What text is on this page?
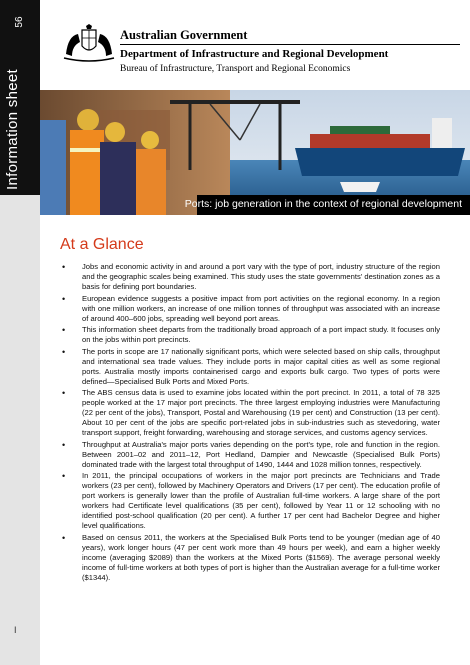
56
Information sheet
I
Australian Government
Department of Infrastructure and Regional Development
Bureau of Infrastructure, Transport and Regional Economics
Ports: job generation in the context of regional development
At a Glance
• Jobs and economic activity in and around a port vary with the type of port, industry structure of the region and the geographic scales being examined. This study uses the state governments' destination zones as a basis for defining port boundaries.
• European evidence suggests a positive impact from port activities on the regional economy. In a region with one million workers, an increase of one million tonnes of throughput was associated with an increase of around 400–600 jobs, spreading well beyond port areas.
• This information sheet departs from the traditionally broad approach of a port impact study. It focuses only on the jobs within port precincts.
• The ports in scope are 17 nationally significant ports, which were selected based on ship calls, throughput and international sea trade values. They include ports in major capital cities as well as some regional ports. Australia mostly imports containerised cargo and exports bulk cargo. Two types of ports were defined—Specialised Bulk Ports and Mixed Ports.
• The ABS census data is used to examine jobs located within the port precinct. In 2011, a total of 78 325 people worked at the 17 major port precincts. The three largest employing industries were Manufacturing (22 per cent of the jobs), Transport, Postal and Warehousing (19 per cent) and Construction (13 per cent). About 10 per cent of the jobs are specific port-related jobs in sub-industries such as stevedoring, water transport support, freight forwarding, warehousing and storage services, and customs agency services.
• Throughput at Australia's major ports varies depending on the port's type, role and function in the region. Between 2001–02 and 2011–12, Port Hedland, Dampier and Newcastle (Specialised Bulk Ports) dominated trade with the largest total throughput of 1490, 1444 and 1028 million tonnes, respectively.
• In 2011, the principal occupations of workers in the major port precincts are Technicians and Trade workers (23 per cent), followed by Machinery Operators and Drivers (17 per cent). The education profile of port workers is generally lower than the profile of Australian full-time workers. A large share of the port workers had Certificate level qualifications (35 per cent), followed by Year 11 or 12 schooling with no identified post-school qualification (20 per cent). A further 17 per cent had Bachelor Degree and higher level qualifications.
• Based on census 2011, the workers at the Specialised Bulk Ports tend to be younger (median age of 40 years), work longer hours (47 per cent work more than 49 hours per week), and earn a higher weekly income (averaging $2089) than the workers at the Mixed Ports ($1569). The average personal weekly income of full-time workers at both types of port is higher than the Australian average for a full-time worker ($1344).
